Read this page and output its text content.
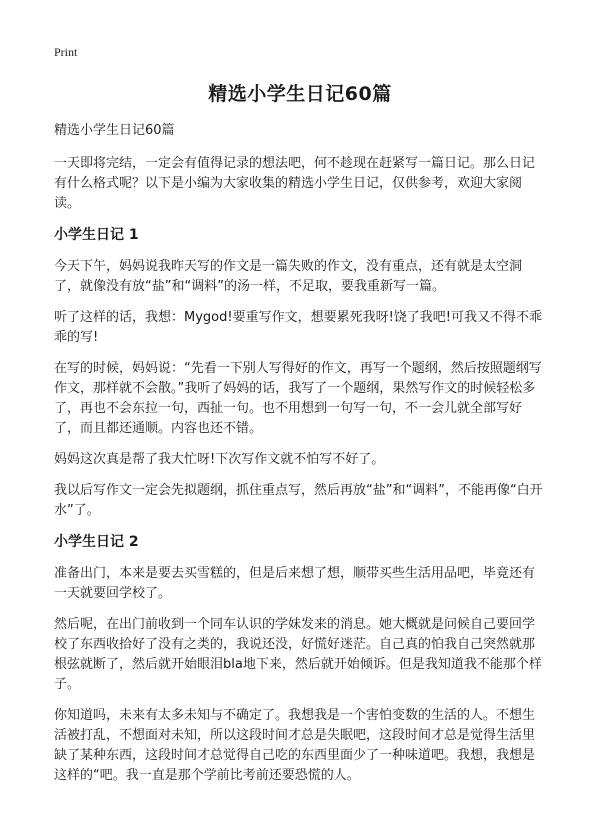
Print
精选小学生日记60篇

精选小学生日记60篇

一天即将完结，一定会有值得记录的想法吧，何不趁现在赶紧写一篇日记。那么日记有什么格式呢？以下是小编为大家收集的精选小学生日记，仅供参考，欢迎大家阅读。

小学生日记 1

今天下午，妈妈说我昨天写的作文是一篇失败的作文，没有重点，还有就是太空洞了，就像没有放“盐”和“调料”的汤一样，不足取，要我重新写一篇。

听了这样的话，我想：Mygod!要重写作文，想要累死我呀!饶了我吧!可我又不得不乖乖的写!

在写的时候，妈妈说：“先看一下别人写得好的作文，再写一个题纲，然后按照题纲写作文，那样就不会散。”我听了妈妈的话，我写了一个题纲，果然写作文的时候轻松多了，再也不会东拉一句，西扯一句。也不用想到一句写一句，不一会儿就全部写好了，而且都还通顺。内容也还不错。

妈妈这次真是帮了我大忙呀!下次写作文就不怕写不好了。

我以后写作文一定会先拟题纲，抓住重点写，然后再放“盐”和“调料”，不能再像“白开水”了。

小学生日记 2

准备出门，本来是要去买雪糕的，但是后来想了想，顺带买些生活用品吧，毕竟还有一天就要回学校了。

然后呢，在出门前收到一个同车认识的学妹发来的消息。她大概就是问候自己要回学校了东西收拾好了没有之类的，我说还没，好慌好迷茫。自己真的怕我自己突然就那根弦就断了，然后就开始眼泪bla地下来，然后就开始倾诉。但是我知道我不能那个样子。

你知道吗，未来有太多未知与不确定了。我想我是一个害怕变数的生活的人。不想生活被打乱，不想面对未知，所以这段时间才总是失眠吧，这段时间才总是觉得生活里缺了某种东西，这段时间才总觉得自己吃的东西里面少了一种味道吧。我想，我想是这样的“吧。我一直是那个学前比考前还要恐慌的人。
